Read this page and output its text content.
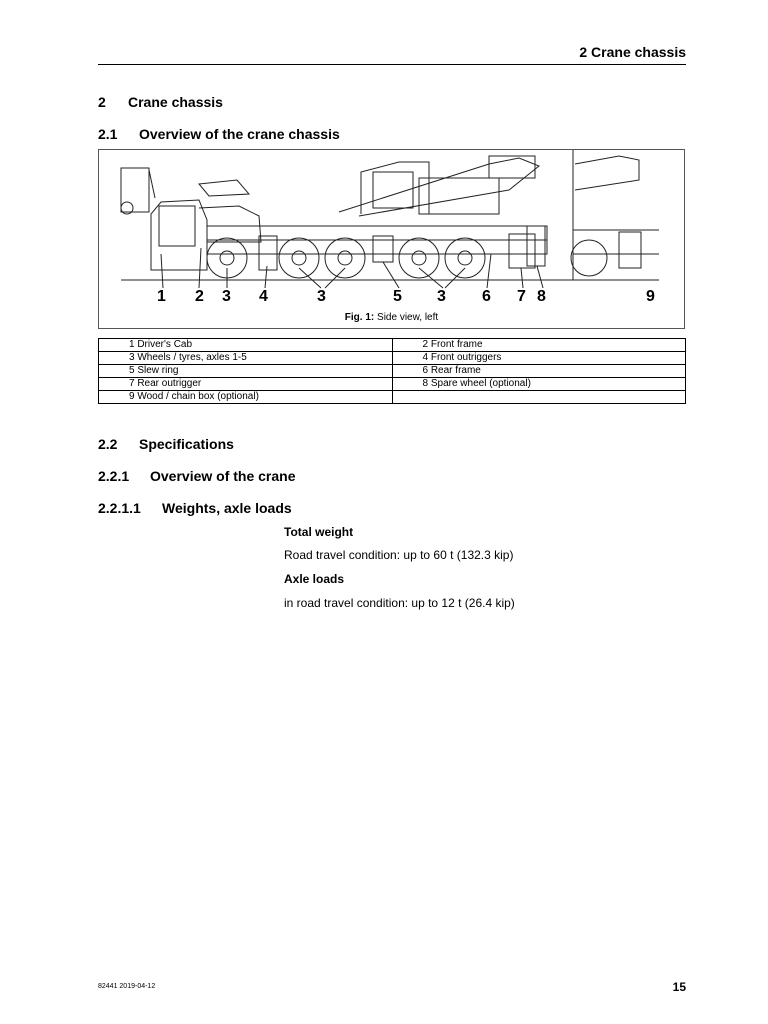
2 Crane chassis
2 Crane chassis
2.1 Overview of the crane chassis
1 2 3 4	3	5 3 6 7 8	9
Fig. 1: Side view, left
1 Driver's Cab	2 Front frame
3 Wheels / tyres, axles 1-5	4 Front outriggers
5 Slew ring	6 Rear frame
7 Rear outrigger	8 Spare wheel (optional)
9 Wood / chain box (optional)	
2.2 Specifications
2.2.1 Overview of the crane
2.2.1.1 Weights, axle loads
Total weight
Road travel condition: up to 60 t (132.3 kip)
Axle loads
in road travel condition: up to 12 t (26.4 kip)
82441 2019-04-12	15
